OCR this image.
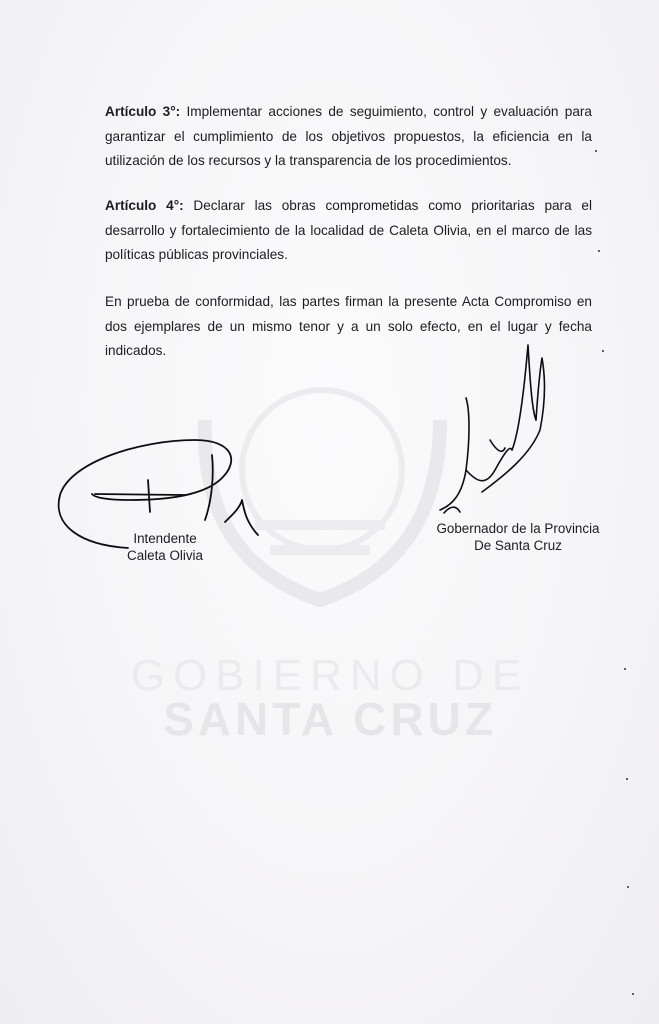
GOBIERNO DE
SANTA CRUZ

Artículo 3°: Implementar acciones de seguimiento, control y evaluación para garantizar el cumplimiento de los objetivos propuestos, la eficiencia en la utilización de los recursos y la transparencia de los procedimientos.

Artículo 4°: Declarar las obras comprometidas como prioritarias para el desarrollo y fortalecimiento de la localidad de Caleta Olivia, en el marco de las políticas públicas provinciales.

En prueba de conformidad, las partes firman la presente Acta Compromiso en dos ejemplares de un mismo tenor y a un solo efecto, en el lugar y fecha indicados.

Intendente
Caleta Olivia
Gobernador de la Provincia
De Santa Cruz
